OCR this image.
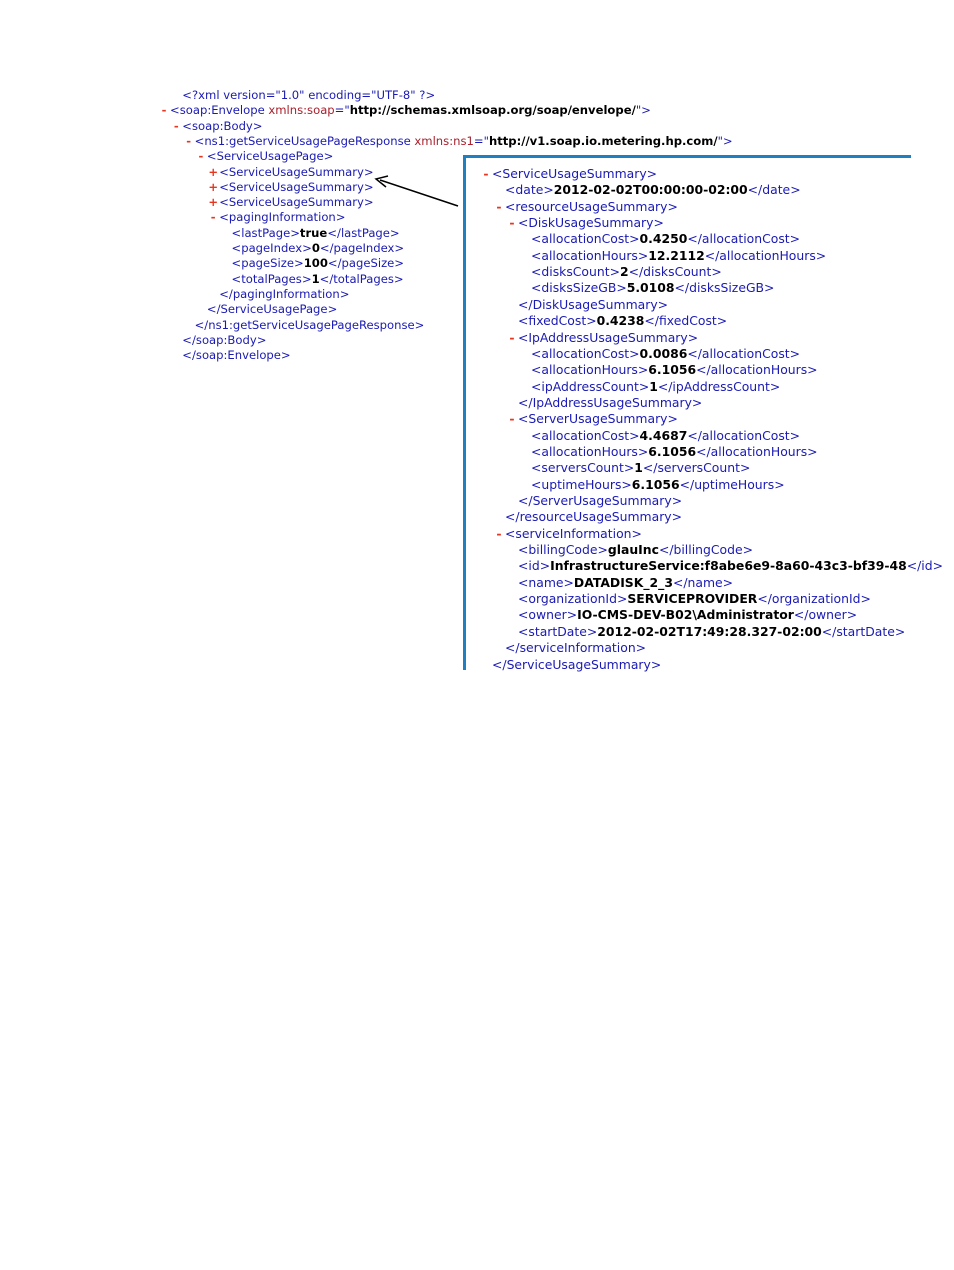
<?xml version="1.0" encoding="UTF-8" ?>
- <soap:Envelope xmlns:soap="http://schemas.xmlsoap.org/soap/envelope/">
- <soap:Body>
- <ns1:getServiceUsagePageResponse xmlns:ns1="http://v1.soap.io.metering.hp.com/">
- <ServiceUsagePage>
+<ServiceUsageSummary>
+<ServiceUsageSummary>
+<ServiceUsageSummary>
- <pagingInformation>
<lastPage>true</lastPage>
<pageIndex>0</pageIndex>
<pageSize>100</pageSize>
<totalPages>1</totalPages>
</pagingInformation>
</ServiceUsagePage>
</ns1:getServiceUsagePageResponse>
</soap:Body>
</soap:Envelope>
- <ServiceUsageSummary>
<date>2012-02-02T00:00:00-02:00</date>
- <resourceUsageSummary>
- <DiskUsageSummary>
<allocationCost>0.4250</allocationCost>
<allocationHours>12.2112</allocationHours>
<disksCount>2</disksCount>
<disksSizeGB>5.0108</disksSizeGB>
</DiskUsageSummary>
<fixedCost>0.4238</fixedCost>
- <IpAddressUsageSummary>
<allocationCost>0.0086</allocationCost>
<allocationHours>6.1056</allocationHours>
<ipAddressCount>1</ipAddressCount>
</IpAddressUsageSummary>
- <ServerUsageSummary>
<allocationCost>4.4687</allocationCost>
<allocationHours>6.1056</allocationHours>
<serversCount>1</serversCount>
<uptimeHours>6.1056</uptimeHours>
</ServerUsageSummary>
</resourceUsageSummary>
- <serviceInformation>
<billingCode>glauInc</billingCode>
<id>InfrastructureService:f8abe6e9-8a60-43c3-bf39-48</id>
<name>DATADISK_2_3</name>
<organizationId>SERVICEPROVIDER</organizationId>
<owner>IO-CMS-DEV-B02\Administrator</owner>
<startDate>2012-02-02T17:49:28.327-02:00</startDate>
</serviceInformation>
</ServiceUsageSummary>
